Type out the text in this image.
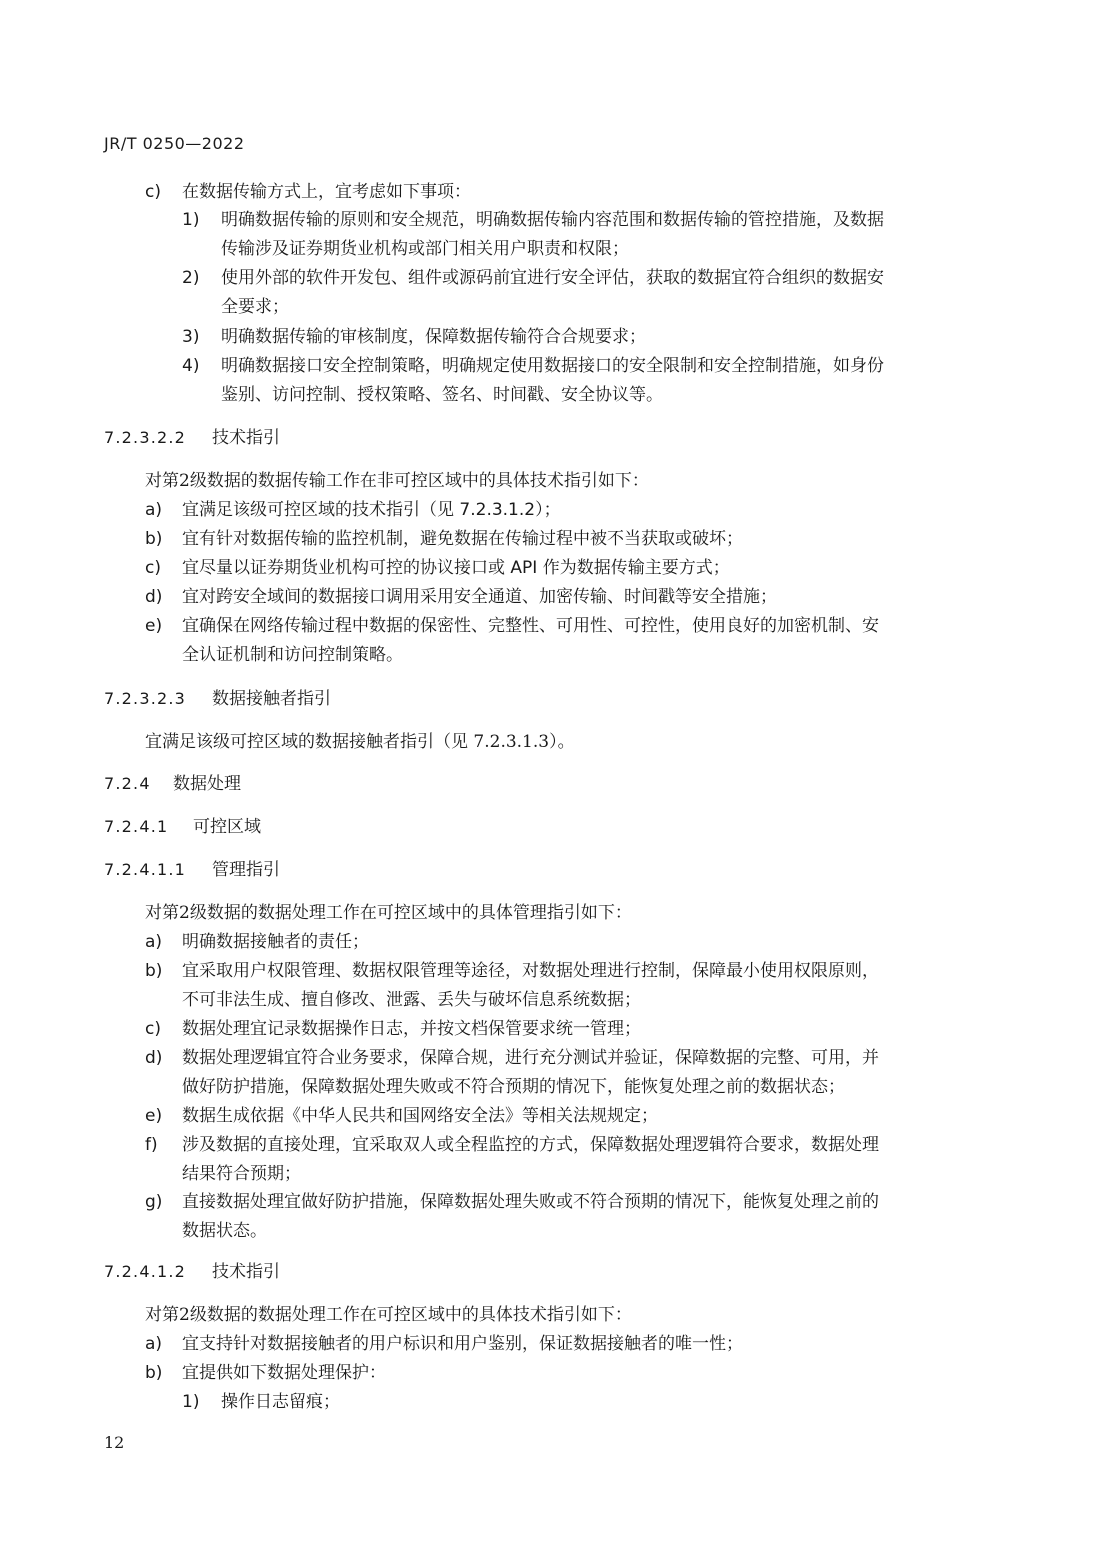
JR/T 0250—2022
c) 在数据传输方式上，宜考虑如下事项：
1) 明确数据传输的原则和安全规范，明确数据传输内容范围和数据传输的管控措施，及数据
传输涉及证券期货业机构或部门相关用户职责和权限；
2) 使用外部的软件开发包、组件或源码前宜进行安全评估，获取的数据宜符合组织的数据安
全要求；
3) 明确数据传输的审核制度，保障数据传输符合合规要求；
4) 明确数据接口安全控制策略，明确规定使用数据接口的安全限制和安全控制措施，如身份
鉴别、访问控制、授权策略、签名、时间戳、安全协议等。
7.2.3.2.2 技术指引
对第2级数据的数据传输工作在非可控区域中的具体技术指引如下：
a) 宜满足该级可控区域的技术指引（见 7.2.3.1.2）；
b) 宜有针对数据传输的监控机制，避免数据在传输过程中被不当获取或破坏；
c) 宜尽量以证券期货业机构可控的协议接口或 API 作为数据传输主要方式；
d) 宜对跨安全域间的数据接口调用采用安全通道、加密传输、时间戳等安全措施；
e) 宜确保在网络传输过程中数据的保密性、完整性、可用性、可控性，使用良好的加密机制、安
全认证机制和访问控制策略。
7.2.3.2.3 数据接触者指引
宜满足该级可控区域的数据接触者指引（见 7.2.3.1.3）。
7.2.4 数据处理
7.2.4.1 可控区域
7.2.4.1.1 管理指引
对第2级数据的数据处理工作在可控区域中的具体管理指引如下：
a) 明确数据接触者的责任；
b) 宜采取用户权限管理、数据权限管理等途径，对数据处理进行控制，保障最小使用权限原则，
不可非法生成、擅自修改、泄露、丢失与破坏信息系统数据；
c) 数据处理宜记录数据操作日志，并按文档保管要求统一管理；
d) 数据处理逻辑宜符合业务要求，保障合规，进行充分测试并验证，保障数据的完整、可用，并
做好防护措施，保障数据处理失败或不符合预期的情况下，能恢复处理之前的数据状态；
e) 数据生成依据《中华人民共和国网络安全法》等相关法规规定；
f) 涉及数据的直接处理，宜采取双人或全程监控的方式，保障数据处理逻辑符合要求，数据处理
结果符合预期；
g) 直接数据处理宜做好防护措施，保障数据处理失败或不符合预期的情况下，能恢复处理之前的
数据状态。
7.2.4.1.2 技术指引
对第2级数据的数据处理工作在可控区域中的具体技术指引如下：
a) 宜支持针对数据接触者的用户标识和用户鉴别，保证数据接触者的唯一性；
b) 宜提供如下数据处理保护：
1) 操作日志留痕；
12
